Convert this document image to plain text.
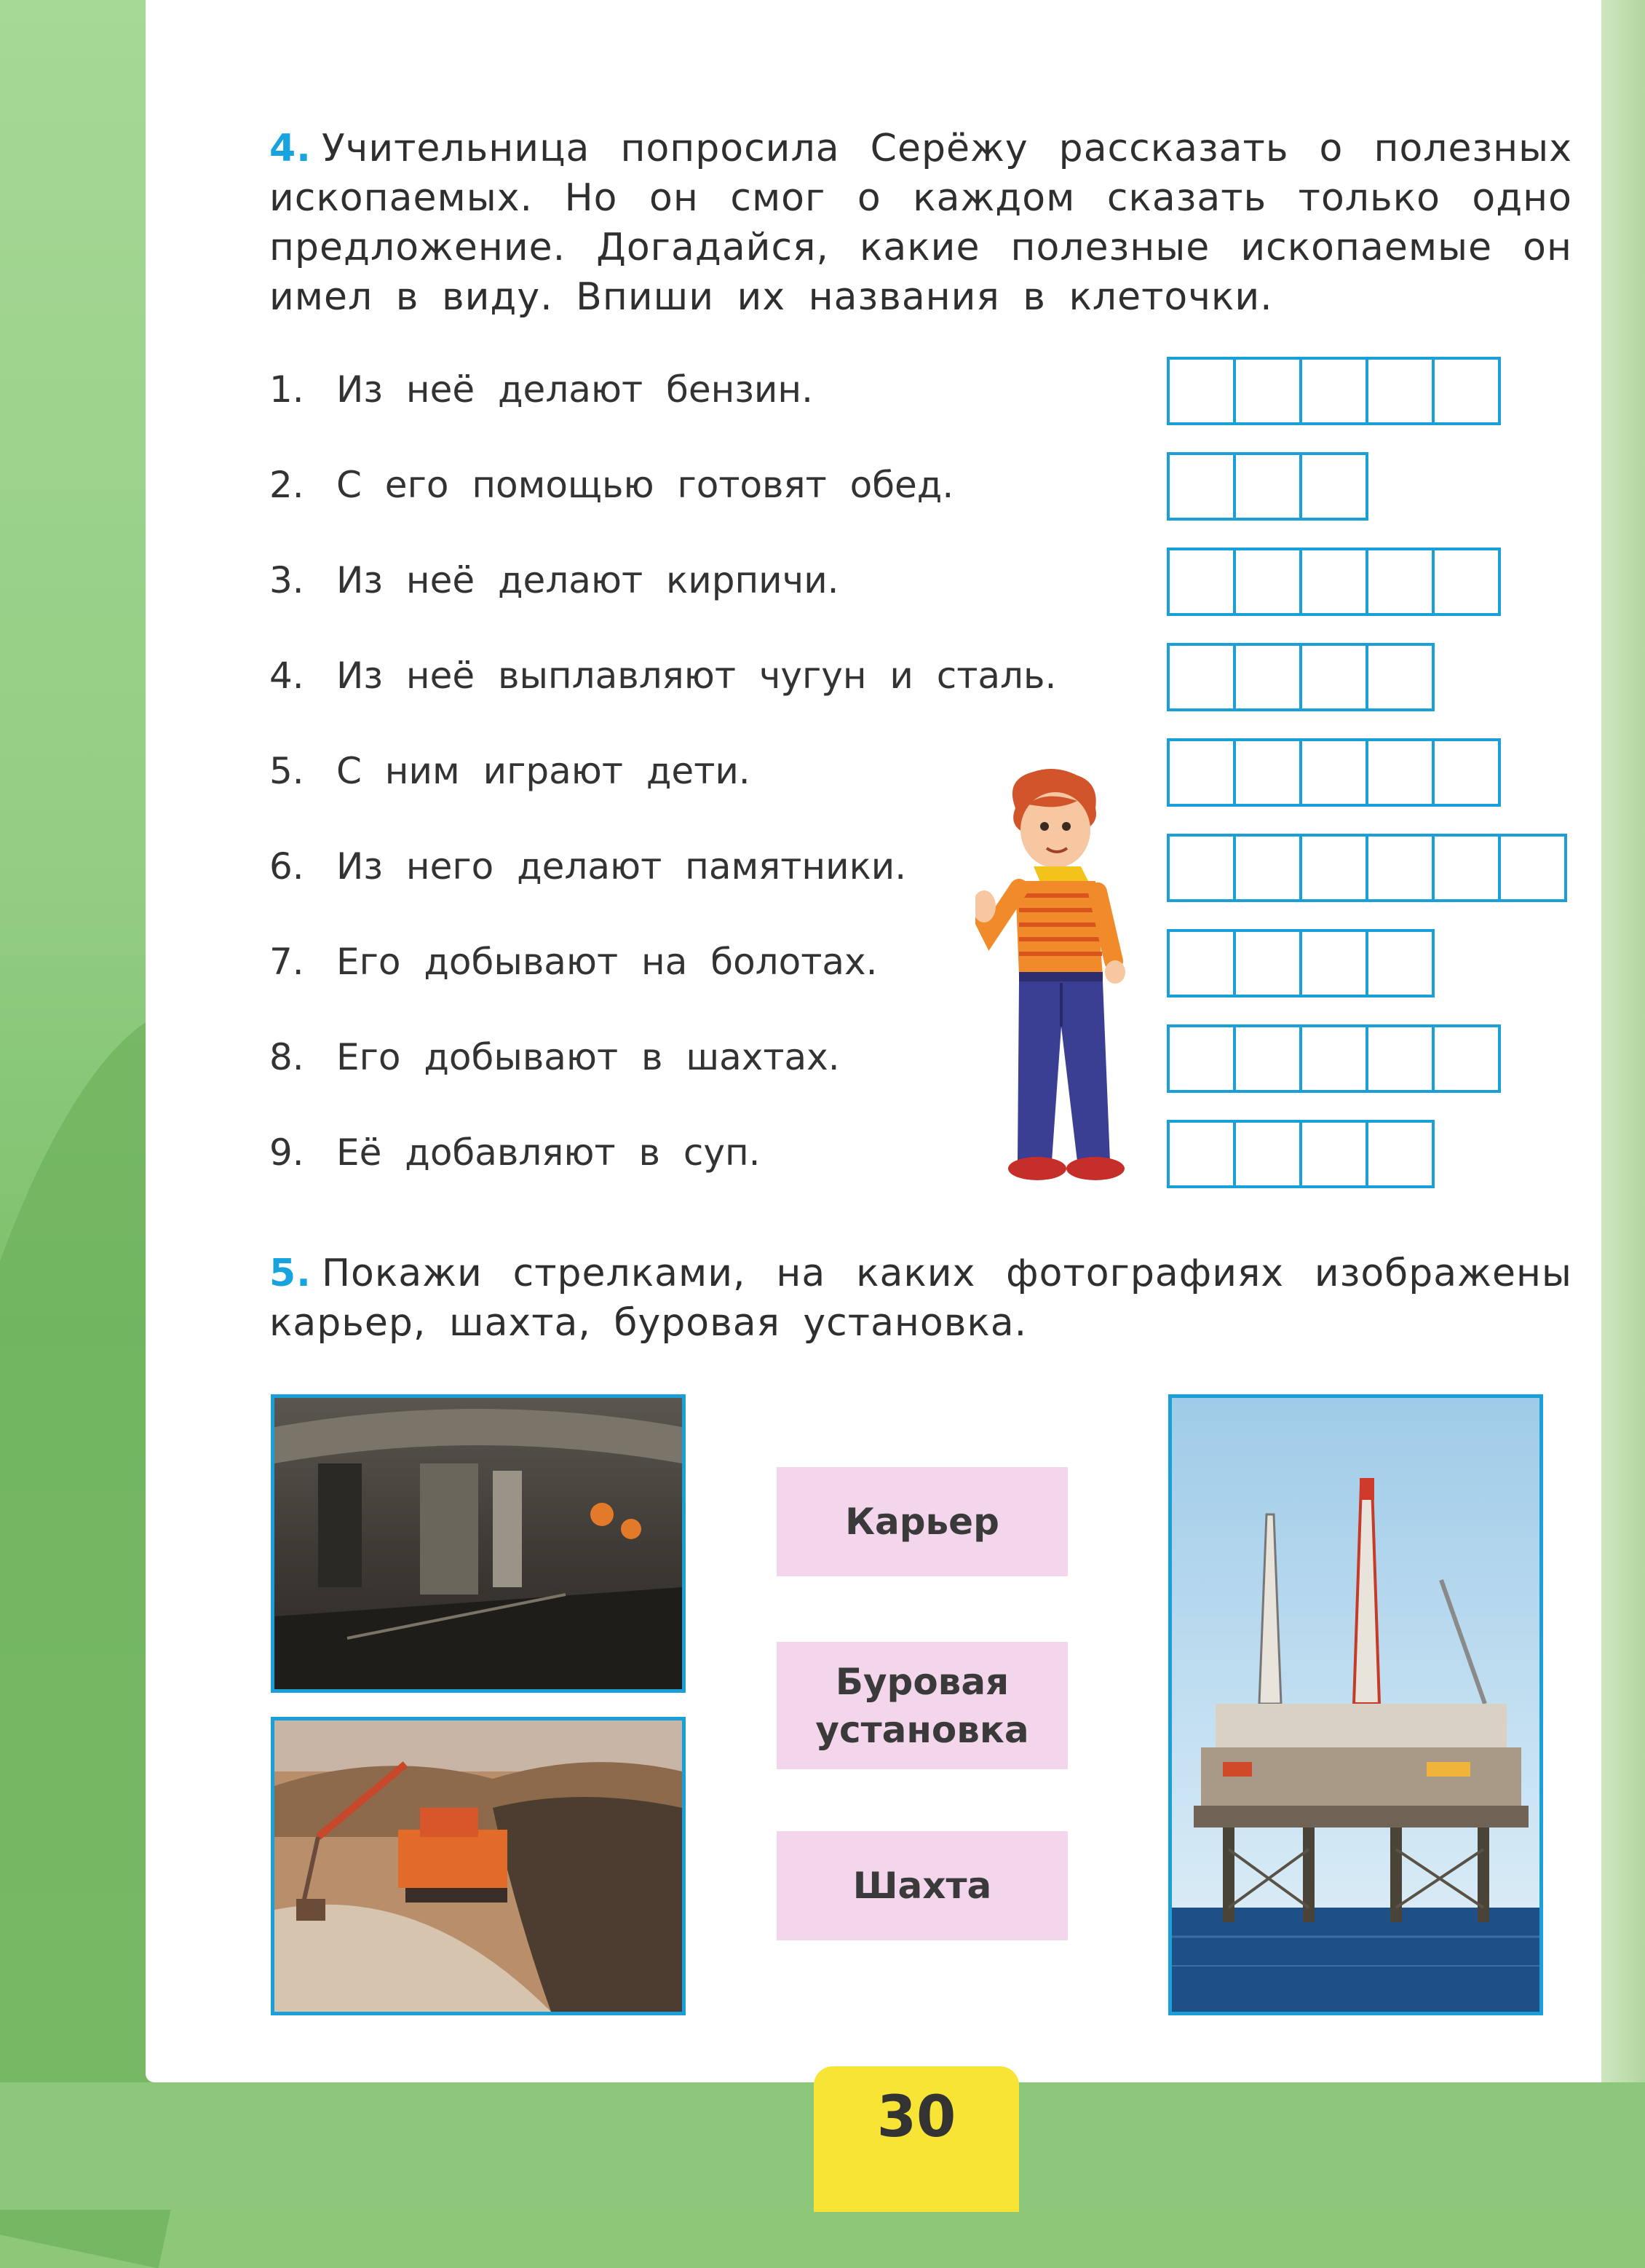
4. Учительница попросила Серёжу рассказать о полезных ископаемых. Но он смог о каждом сказать только одно предложение. Догадайся, какие полезные ископаемые он имел в виду. Впиши их названия в клеточки.
1. Из неё делают бензин.
2. С его помощью готовят обед.
3. Из неё делают кирпичи.
4. Из неё выплавляют чугун и сталь.
5. С ним играют дети.
6. Из него делают памятники.
7. Его добывают на болотах.
8. Его добывают в шахтах.
9. Её добавляют в суп.
5. Покажи стрелками, на каких фотографиях изображены карьер, шахта, буровая установка.
Карьер
Буровая установка
Шахта
30
